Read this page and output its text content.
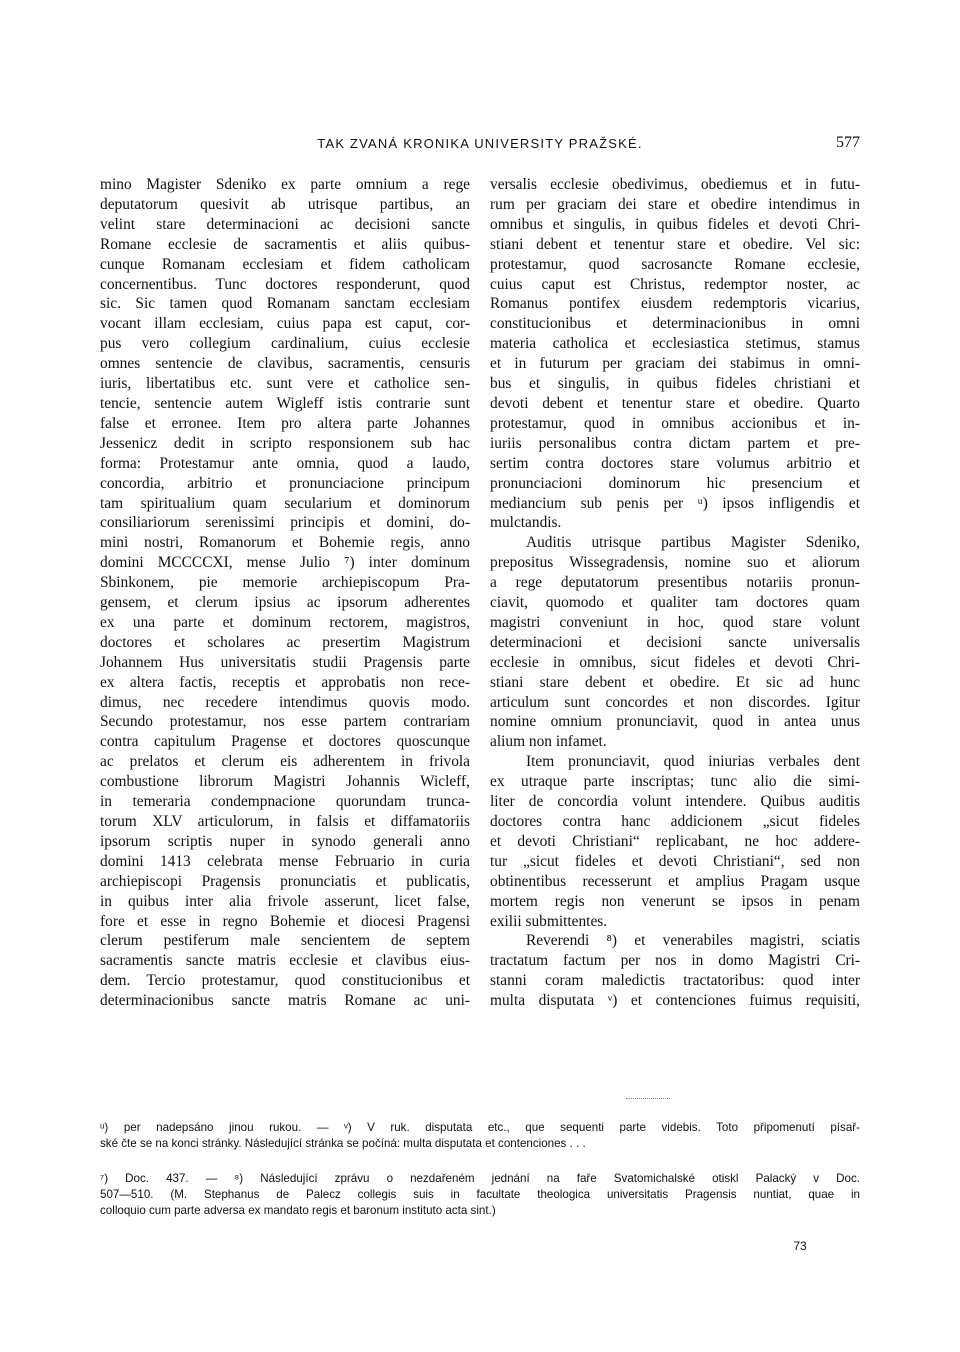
TAK ZVANÁ KRONIKA UNIVERSITY PRAŽSKÉ.	577

mino Magister Sdeniko ex parte omnium a rege
deputatorum quesivit ab utrisque partibus, an
velint stare determinacioni ac decisioni sancte
Romane ecclesie de sacramentis et aliis quibus-
cunque Romanam ecclesiam et fidem catholicam
concernentibus. Tunc doctores responderunt, quod
sic. Sic tamen quod Romanam sanctam ecclesiam
vocant illam ecclesiam, cuius papa est caput, cor-
pus vero collegium cardinalium, cuius ecclesie
omnes sentencie de clavibus, sacramentis, censuris
iuris, libertatibus etc. sunt vere et catholice sen-
tencie, sentencie autem Wigleff istis contrarie sunt
false et erronee. Item pro altera parte Johannes
Jessenicz dedit in scripto responsionem sub hac
forma: Protestamur ante omnia, quod a laudo,
concordia, arbitrio et pronunciacione principum
tam spiritualium quam secularium et dominorum
consiliariorum serenissimi principis et domini, do-
mini nostri, Romanorum et Bohemie regis, anno
domini MCCCCXI, mense Julio ⁷) inter dominum
Sbinkonem, pie memorie archiepiscopum Pra-
gensem, et clerum ipsius ac ipsorum adherentes
ex una parte et dominum rectorem, magistros,
doctores et scholares ac presertim Magistrum
Johannem Hus universitatis studii Pragensis parte
ex altera factis, receptis et approbatis non rece-
dimus, nec recedere intendimus quovis modo.
Secundo protestamur, nos esse partem contrariam
contra capitulum Pragense et doctores quoscunque
ac prelatos et clerum eis adherentem in frivola
combustione librorum Magistri Johannis Wicleff,
in temeraria condempnacione quorundam trunca-
torum XLV articulorum, in falsis et diffamatoriis
ipsorum scriptis nuper in synodo generali anno
domini 1413 celebrata mense Februario in curia
archiepiscopi Pragensis pronunciatis et publicatis,
in quibus inter alia frivole asserunt, licet false,
fore et esse in regno Bohemie et diocesi Pragensi
clerum pestiferum male sencientem de septem
sacramentis sancte matris ecclesie et clavibus eius-
dem. Tercio protestamur, quod constitucionibus et
determinacionibus sancte matris Romane ac uni-

versalis ecclesie obedivimus, obediemus et in futu-
rum per graciam dei stare et obedire intendimus in
omnibus et singulis, in quibus fideles et devoti Chri-
stiani debent et tenentur stare et obedire. Vel sic:
protestamur, quod sacrosancte Romane ecclesie,
cuius caput est Christus, redemptor noster, ac
Romanus pontifex eiusdem redemptoris vicarius,
constitucionibus et determinacionibus in omni
materia catholica et ecclesiastica stetimus, stamus
et in futurum per graciam dei stabimus in omni-
bus et singulis, in quibus fideles christiani et
devoti debent et tenentur stare et obedire. Quarto
protestamur, quod in omnibus accionibus et in-
iuriis personalibus contra dictam partem et pre-
sertim contra doctores stare volumus arbitrio et
pronunciacioni dominorum hic presencium et
mediancium sub penis per ᵘ) ipsos infligendis et
mulctandis.

Auditis utrisque partibus Magister Sdeniko,
prepositus Wissegradensis, nomine suo et aliorum
a rege deputatorum presentibus notariis pronun-
ciavit, quomodo et qualiter tam doctores quam
magistri conveniunt in hoc, quod stare volunt
determinacioni et decisioni sancte universalis
ecclesie in omnibus, sicut fideles et devoti Chri-
stiani stare debent et obedire. Et sic ad hunc
articulum sunt concordes et non discordes. Igitur
nomine omnium pronunciavit, quod in antea unus
alium non infamet.

Item pronunciavit, quod iniurias verbales dent
ex utraque parte inscriptas; tunc alio die simi-
liter de concordia volunt intendere. Quibus auditis
doctores contra hanc addicionem „sicut fideles
et devoti Christiani“ replicabant, ne hoc addere-
tur „sicut fideles et devoti Christiani“, sed non
obtinentibus recesserunt et amplius Pragam usque
mortem regis non venerunt se ipsos in penam
exilii submittentes.

Reverendi ⁸) et venerabiles magistri, sciatis
tractatum factum per nos in domo Magistri Cri-
stanni coram maledictis tractatoribus: quod inter
multa disputata ᵛ) et contenciones fuimus requisiti,

ᵘ) per nadepsáno jinou rukou. — ᵛ) V ruk. disputata etc., que sequenti parte videbis. Toto připomenutí písař-
ské čte se na konci stránky. Následující stránka se počíná: multa disputata et contenciones . . .
⁷) Doc. 437. — ⁸) Následující zprávu o nezdařeném jednání na faře Svatomichalské otiskl Palacký v Doc.
507—510. (M. Stephanus de Palecz collegis suis in facultate theologica universitatis Pragensis nuntiat, quae in
colloquio cum parte adversa ex mandato regis et baronum instituto acta sint.)
73
